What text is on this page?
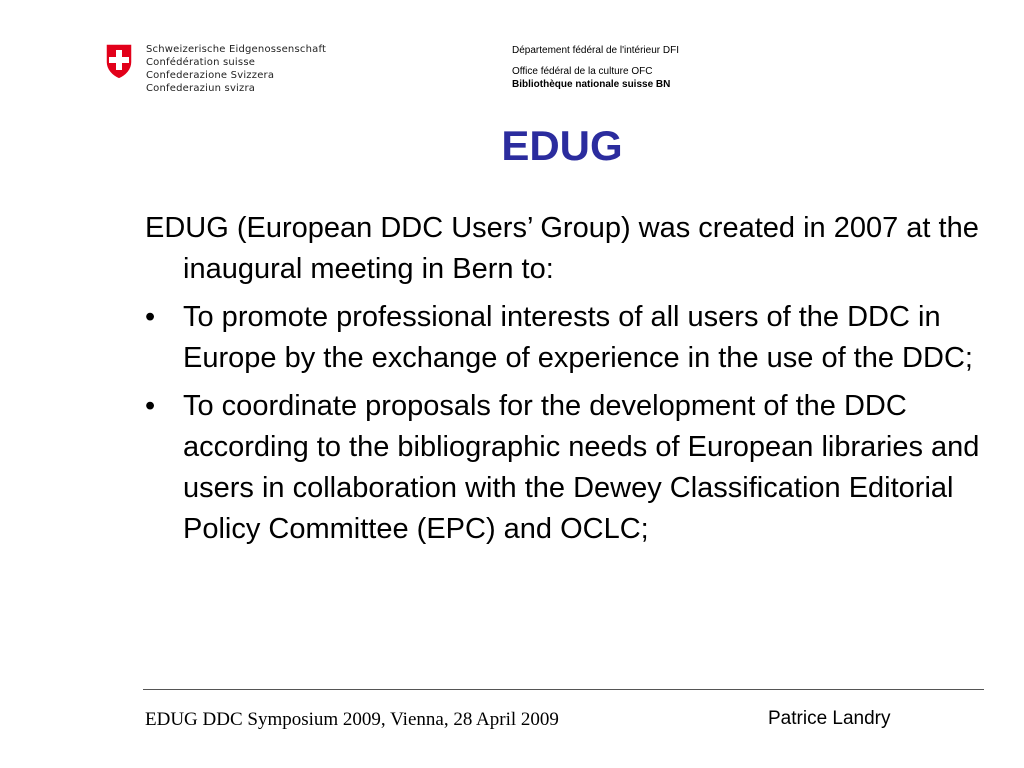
Schweizerische Eidgenossenschaft
Confédération suisse
Confederazione Svizzera
Confederaziun svizra
Département fédéral de l'intérieur DFI
Office fédéral de la culture OFC
Bibliothèque nationale suisse BN
EDUG
EDUG (European DDC Users’ Group) was created in 2007 at the inaugural meeting in Bern to:
• To promote professional interests of all users of the DDC in Europe by the exchange of experience in the use of the DDC;
• To coordinate proposals for the development of the DDC according to the bibliographic needs of European libraries and users in collaboration with the Dewey Classification Editorial Policy Committee (EPC) and OCLC;
EDUG DDC Symposium 2009, Vienna, 28 April 2009	Patrice Landry
